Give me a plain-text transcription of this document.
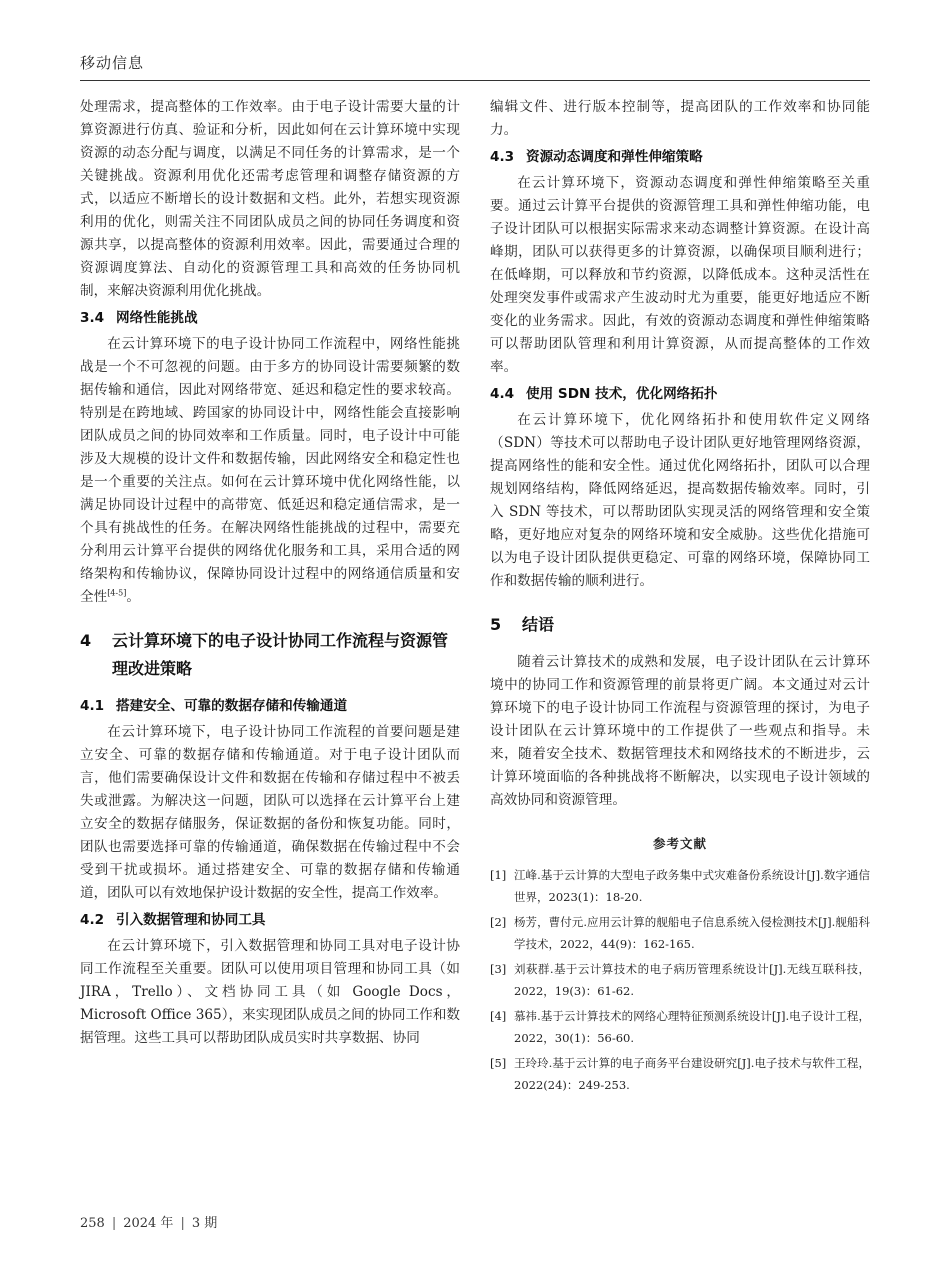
移动信息

处理需求，提高整体的工作效率。由于电子设计需要大量的计算资源进行仿真、验证和分析，因此如何在云计算环境中实现资源的动态分配与调度，以满足不同任务的计算需求，是一个关键挑战。资源利用优化还需考虑管理和调整存储资源的方式，以适应不断增长的设计数据和文档。此外，若想实现资源利用的优化，则需关注不同团队成员之间的协同任务调度和资源共享，以提高整体的资源利用效率。因此，需要通过合理的资源调度算法、自动化的资源管理工具和高效的任务协同机制，来解决资源利用优化挑战。

3.4 网络性能挑战

在云计算环境下的电子设计协同工作流程中，网络性能挑战是一个不可忽视的问题。由于多方的协同设计需要频繁的数据传输和通信，因此对网络带宽、延迟和稳定性的要求较高。特别是在跨地域、跨国家的协同设计中，网络性能会直接影响团队成员之间的协同效率和工作质量。同时，电子设计中可能涉及大规模的设计文件和数据传输，因此网络安全和稳定性也是一个重要的关注点。如何在云计算环境中优化网络性能，以满足协同设计过程中的高带宽、低延迟和稳定通信需求，是一个具有挑战性的任务。在解决网络性能挑战的过程中，需要充分利用云计算平台提供的网络优化服务和工具，采用合适的网络架构和传输协议，保障协同设计过程中的网络通信质量和安全性[4-5]。

4	云计算环境下的电子设计协同工作流程与资源管理改进策略
4.1 搭建安全、可靠的数据存储和传输通道

在云计算环境下，电子设计协同工作流程的首要问题是建立安全、可靠的数据存储和传输通道。对于电子设计团队而言，他们需要确保设计文件和数据在传输和存储过程中不被丢失或泄露。为解决这一问题，团队可以选择在云计算平台上建立安全的数据存储服务，保证数据的备份和恢复功能。同时，团队也需要选择可靠的传输通道，确保数据在传输过程中不会受到干扰或损坏。通过搭建安全、可靠的数据存储和传输通道，团队可以有效地保护设计数据的安全性，提高工作效率。

4.2 引入数据管理和协同工具

在云计算环境下，引入数据管理和协同工具对电子设计协同工作流程至关重要。团队可以使用项目管理和协同工具（如 JIRA，Trello）、文档协同工具（如 Google Docs，Microsoft Office 365），来实现团队成员之间的协同工作和数据管理。这些工具可以帮助团队成员实时共享数据、协同

编辑文件、进行版本控制等，提高团队的工作效率和协同能力。

4.3 资源动态调度和弹性伸缩策略

在云计算环境下，资源动态调度和弹性伸缩策略至关重要。通过云计算平台提供的资源管理工具和弹性伸缩功能，电子设计团队可以根据实际需求来动态调整计算资源。在设计高峰期，团队可以获得更多的计算资源，以确保项目顺利进行；在低峰期，可以释放和节约资源，以降低成本。这种灵活性在处理突发事件或需求产生波动时尤为重要，能更好地适应不断变化的业务需求。因此，有效的资源动态调度和弹性伸缩策略可以帮助团队管理和利用计算资源，从而提高整体的工作效率。

4.4 使用 SDN 技术，优化网络拓扑

在云计算环境下，优化网络拓扑和使用软件定义网络（SDN）等技术可以帮助电子设计团队更好地管理网络资源，提高网络性的能和安全性。通过优化网络拓扑，团队可以合理规划网络结构，降低网络延迟，提高数据传输效率。同时，引入 SDN 等技术，可以帮助团队实现灵活的网络管理和安全策略，更好地应对复杂的网络环境和安全威胁。这些优化措施可以为电子设计团队提供更稳定、可靠的网络环境，保障协同工作和数据传输的顺利进行。

5	结语

随着云计算技术的成熟和发展，电子设计团队在云计算环境中的协同工作和资源管理的前景将更广阔。本文通过对云计算环境下的电子设计协同工作流程与资源管理的探讨，为电子设计团队在云计算环境中的工作提供了一些观点和指导。未来，随着安全技术、数据管理技术和网络技术的不断进步，云计算环境面临的各种挑战将不断解决，以实现电子设计领域的高效协同和资源管理。

参考文献
[1] 江峰.基于云计算的大型电子政务集中式灾难备份系统设计[J].数字通信世界，2023(1)：18-20.
[2] 杨芳，曹付元.应用云计算的舰船电子信息系统入侵检测技术[J].舰船科学技术，2022，44(9)：162-165.
[3] 刘萩群.基于云计算技术的电子病历管理系统设计[J].无线互联科技，2022，19(3)：61-62.
[4] 慕祎.基于云计算技术的网络心理特征预测系统设计[J].电子设计工程，2022，30(1)：56-60.
[5] 王玲玲.基于云计算的电子商务平台建设研究[J].电子技术与软件工程，2022(24)：249-253.
258 | 2024 年 | 3 期
